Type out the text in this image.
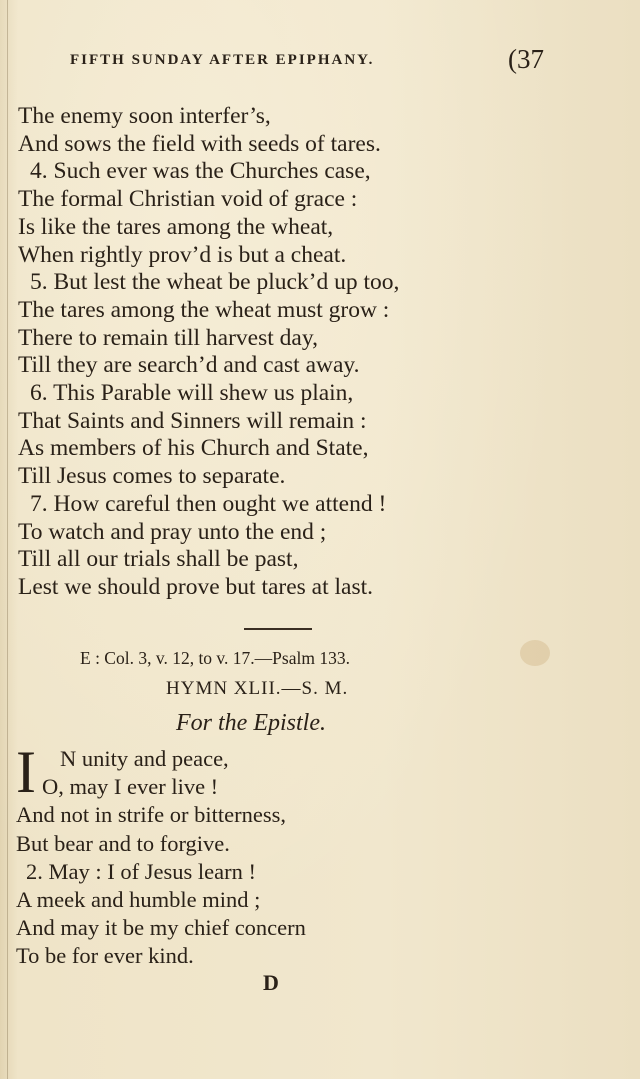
FIFTH SUNDAY AFTER EPIPHANY.	(37
The enemy soon interfer’s,
And sows the field with seeds of tares.
4. Such ever was the Churches case,
The formal Christian void of grace :
Is like the tares among the wheat,
When rightly prov’d is but a cheat.
5. But lest the wheat be pluck’d up too,
The tares among the wheat must grow :
There to remain till harvest day,
Till they are search’d and cast away.
6. This Parable will shew us plain,
That Saints and Sinners will remain :
As members of his Church and State,
Till Jesus comes to separate.
7. How careful then ought we attend !
To watch and pray unto the end ;
Till all our trials shall be past,
Lest we should prove but tares at last.
E : Col. 3, v. 12, to v. 17.—Psalm 133.
HYMN XLII.—S. M.
For the Epistle.
I	N unity and peace,
O, may I ever live !
And not in strife or bitterness,
But bear and to forgive.
2. May : I of Jesus learn !
A meek and humble mind ;
And may it be my chief concern
To be for ever kind.
D
